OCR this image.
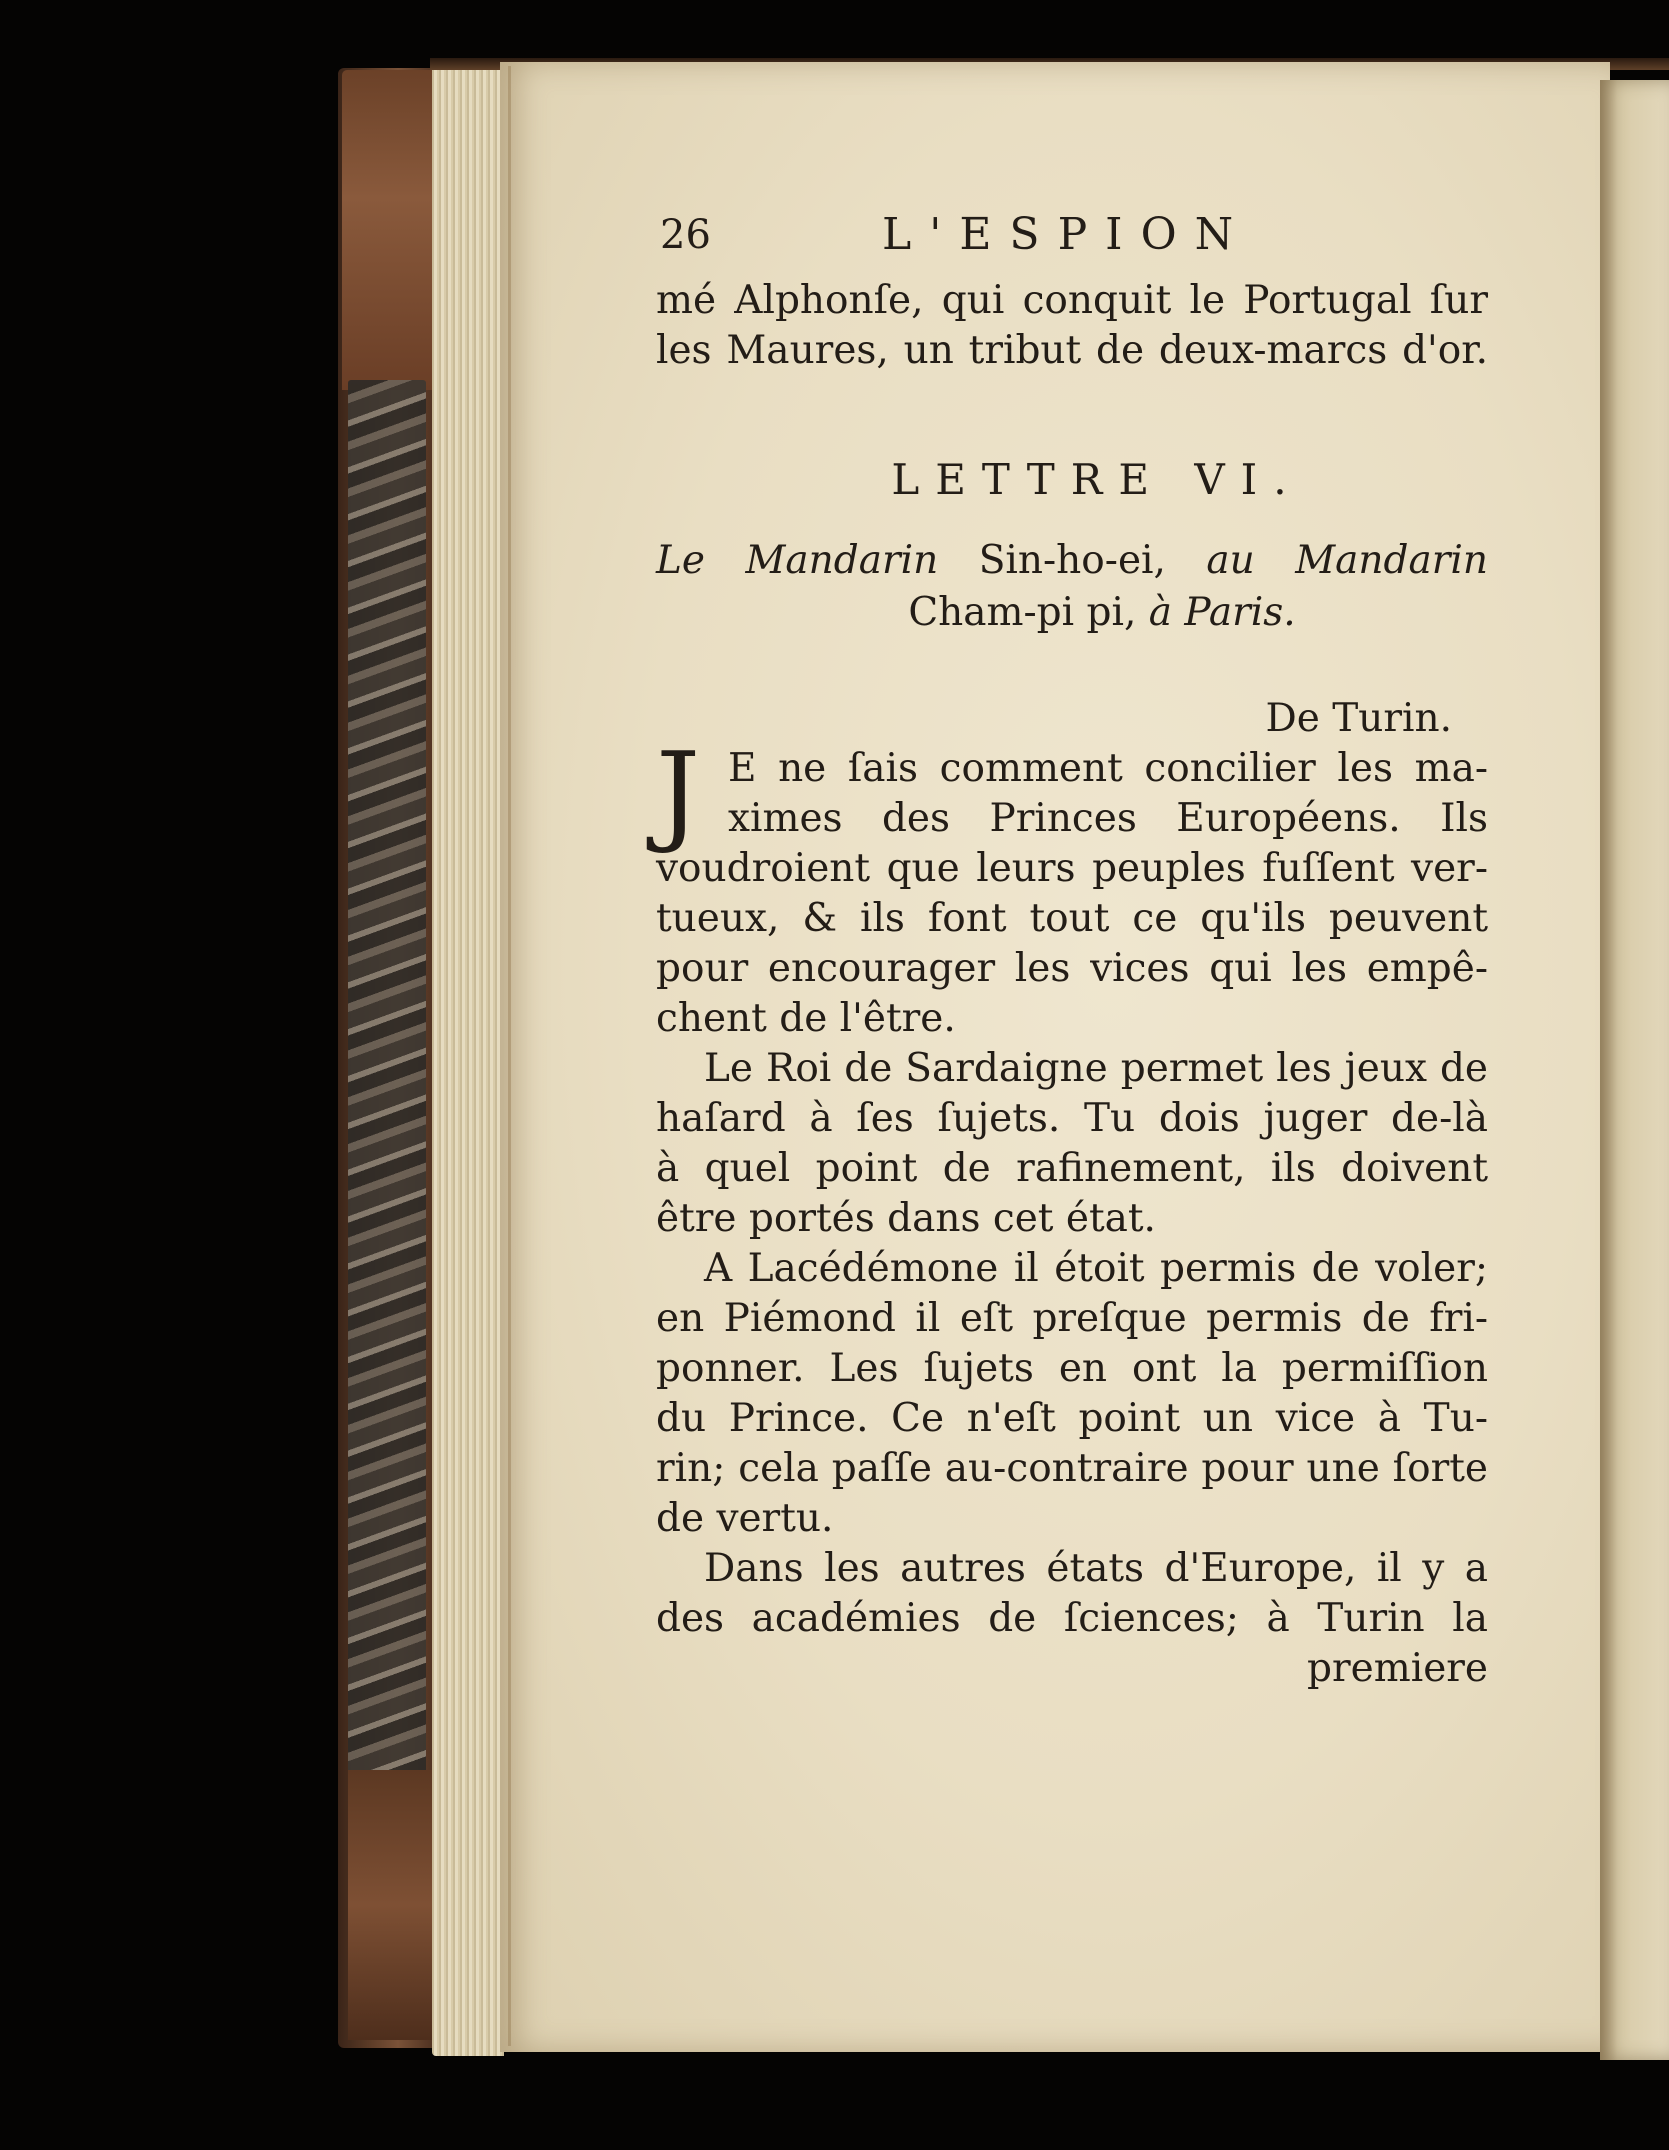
26	L'ESPION
mé Alphonſe, qui conquit le Portugal ſur
les Maures, un tribut de deux-marcs d'or.
LETTRE VI.
Le Mandarin Sin-ho-ei, au Mandarin
Cham-pi pi, à Paris.
De Turin.
J E ne ſais comment concilier les ma-
ximes des Princes Européens. Ils
voudroient que leurs peuples fuſſent ver-
tueux, & ils font tout ce qu'ils peuvent
pour encourager les vices qui les empê-
chent de l'être.
Le Roi de Sardaigne permet les jeux de
haſard à ſes ſujets. Tu dois juger de-là
à quel point de rafinement, ils doivent
être portés dans cet état.
A Lacédémone il étoit permis de voler;
en Piémond il eſt preſque permis de fri-
ponner. Les ſujets en ont la permiſſion
du Prince. Ce n'eſt point un vice à Tu-
rin; cela paſſe au-contraire pour une ſorte
de vertu.
Dans les autres états d'Europe, il y a
des académies de ſciences; à Turin la
premiere
